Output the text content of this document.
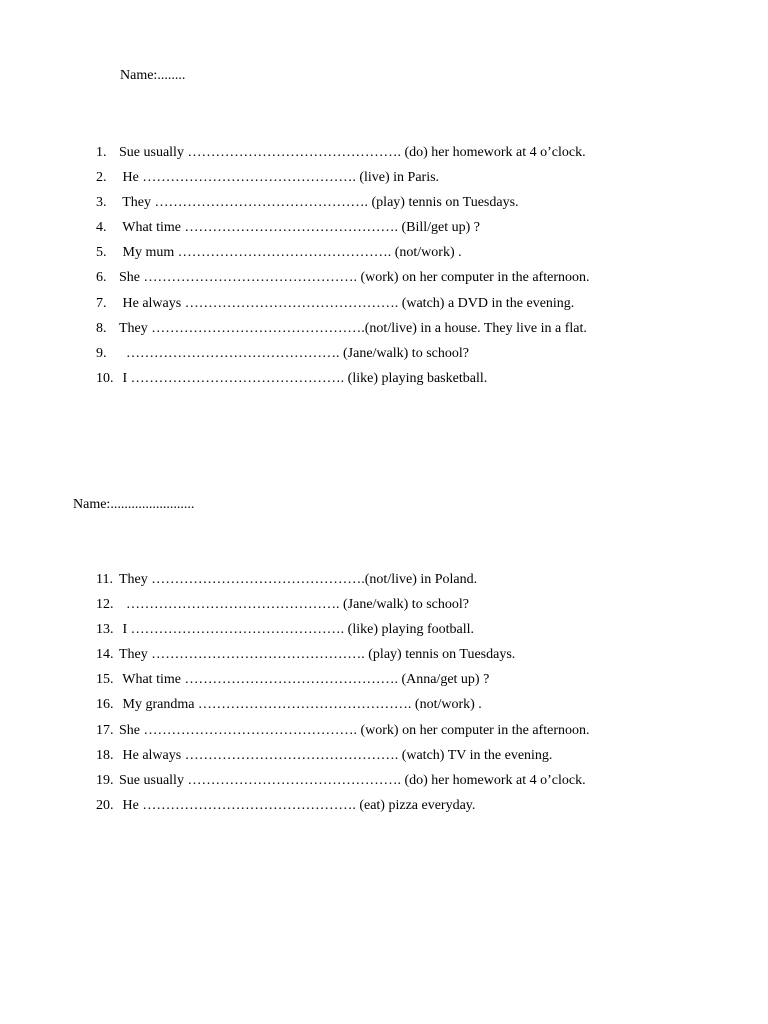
Name:........
1. Sue usually ………………………………………. (do) her homework at 4 o’clock.
2. He ………………………………………. (live) in Paris.
3. They ………………………………………. (play) tennis on Tuesdays.
4. What time ………………………………………. (Bill/get up) ?
5. My mum ………………………………………. (not/work) .
6. She ………………………………………. (work) on her computer in the afternoon.
7. He always ………………………………………. (watch) a DVD in the evening.
8. They ……………………………………….(not/live) in a house. They live in a flat.
9.  ………………………………………. (Jane/walk) to school?
10. I ………………………………………. (like) playing basketball.
Name:........................
11. They ……………………………………….(not/live) in Poland.
12.  ………………………………………. (Jane/walk) to school?
13. I ………………………………………. (like) playing football.
14. They ………………………………………. (play) tennis on Tuesdays.
15. What time ………………………………………. (Anna/get up) ?
16. My grandma ………………………………………. (not/work) .
17. She ………………………………………. (work) on her computer in the afternoon.
18. He always ………………………………………. (watch) TV in the evening.
19. Sue usually ………………………………………. (do) her homework at 4 o’clock.
20. He ………………………………………. (eat) pizza everyday.
